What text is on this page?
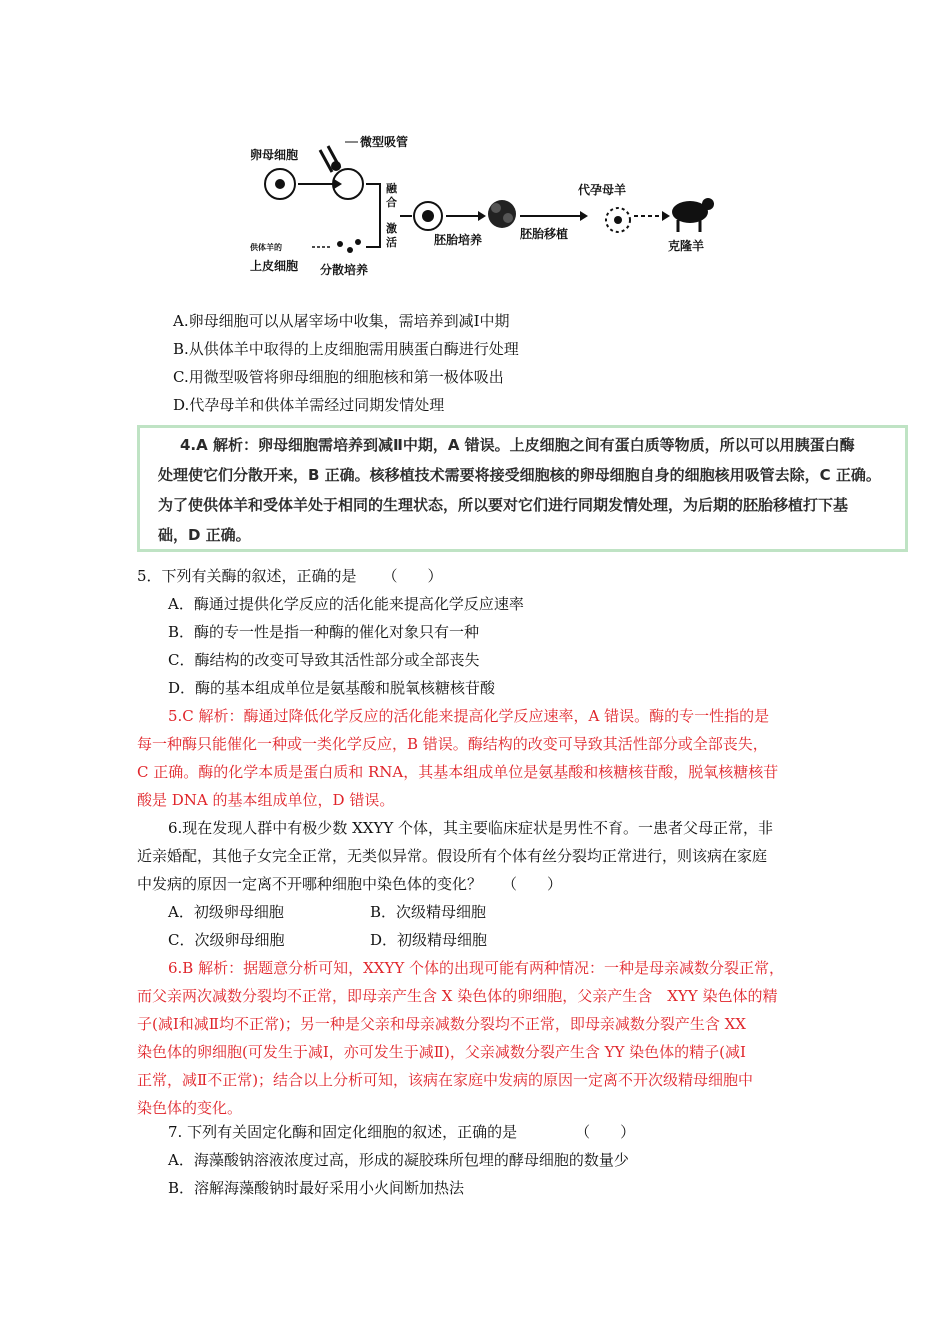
卵母细胞
微型吸管
融
合
激
活	胚胎培养	胚胎移植
代孕母羊
克隆羊
供体羊的
上皮细胞 分散培养
A.卵母细胞可以从屠宰场中收集，需培养到减Ⅰ中期
B.从供体羊中取得的上皮细胞需用胰蛋白酶进行处理
C.用微型吸管将卵母细胞的细胞核和第一极体吸出
D.代孕母羊和供体羊需经过同期发情处理
4.A 解析：卵母细胞需培养到减Ⅱ中期，A 错误。上皮细胞之间有蛋白质等物质，所以可以用胰蛋白酶
处理使它们分散开来，B 正确。核移植技术需要将接受细胞核的卵母细胞自身的细胞核用吸管去除，C 正确。
为了使供体羊和受体羊处于相同的生理状态，所以要对它们进行同期发情处理，为后期的胚胎移植打下基
础，D 正确。
5．下列有关酶的叙述，正确的是 （　　）
A．酶通过提供化学反应的活化能来提高化学反应速率
B．酶的专一性是指一种酶的催化对象只有一种
C．酶结构的改变可导致其活性部分或全部丧失
D．酶的基本组成单位是氨基酸和脱氧核糖核苷酸
5.C 解析：酶通过降低化学反应的活化能来提高化学反应速率，A 错误。酶的专一性指的是
每一种酶只能催化一种或一类化学反应，B 错误。酶结构的改变可导致其活性部分或全部丧失，
C 正确。酶的化学本质是蛋白质和 RNA，其基本组成单位是氨基酸和核糖核苷酸，脱氧核糖核苷
酸是 DNA 的基本组成单位，D 错误。
6.现在发现人群中有极少数 XXYY 个体，其主要临床症状是男性不育。一患者父母正常，非
近亲婚配，其他子女完全正常，无类似异常。假设所有个体有丝分裂均正常进行，则该病在家庭
中发病的原因一定离不开哪种细胞中染色体的变化？ （　　）
A．初级卵母细胞	B．次级精母细胞
C．次级卵母细胞	D．初级精母细胞
6.B 解析：据题意分析可知，XXYY 个体的出现可能有两种情况：一种是母亲减数分裂正常，
而父亲两次减数分裂均不正常，即母亲产生含 X 染色体的卵细胞，父亲产生含　XYY 染色体的精
子(减Ⅰ和减Ⅱ均不正常)；另一种是父亲和母亲减数分裂均不正常，即母亲减数分裂产生含 XX
染色体的卵细胞(可发生于减Ⅰ，亦可发生于减Ⅱ)，父亲减数分裂产生含 YY 染色体的精子(减Ⅰ
正常，减Ⅱ不正常)；结合以上分析可知，该病在家庭中发病的原因一定离不开次级精母细胞中
染色体的变化。
7. 下列有关固定化酶和固定化细胞的叙述，正确的是	（　　）
A．海藻酸钠溶液浓度过高，形成的凝胶珠所包埋的酵母细胞的数量少
B．溶解海藻酸钠时最好采用小火间断加热法
